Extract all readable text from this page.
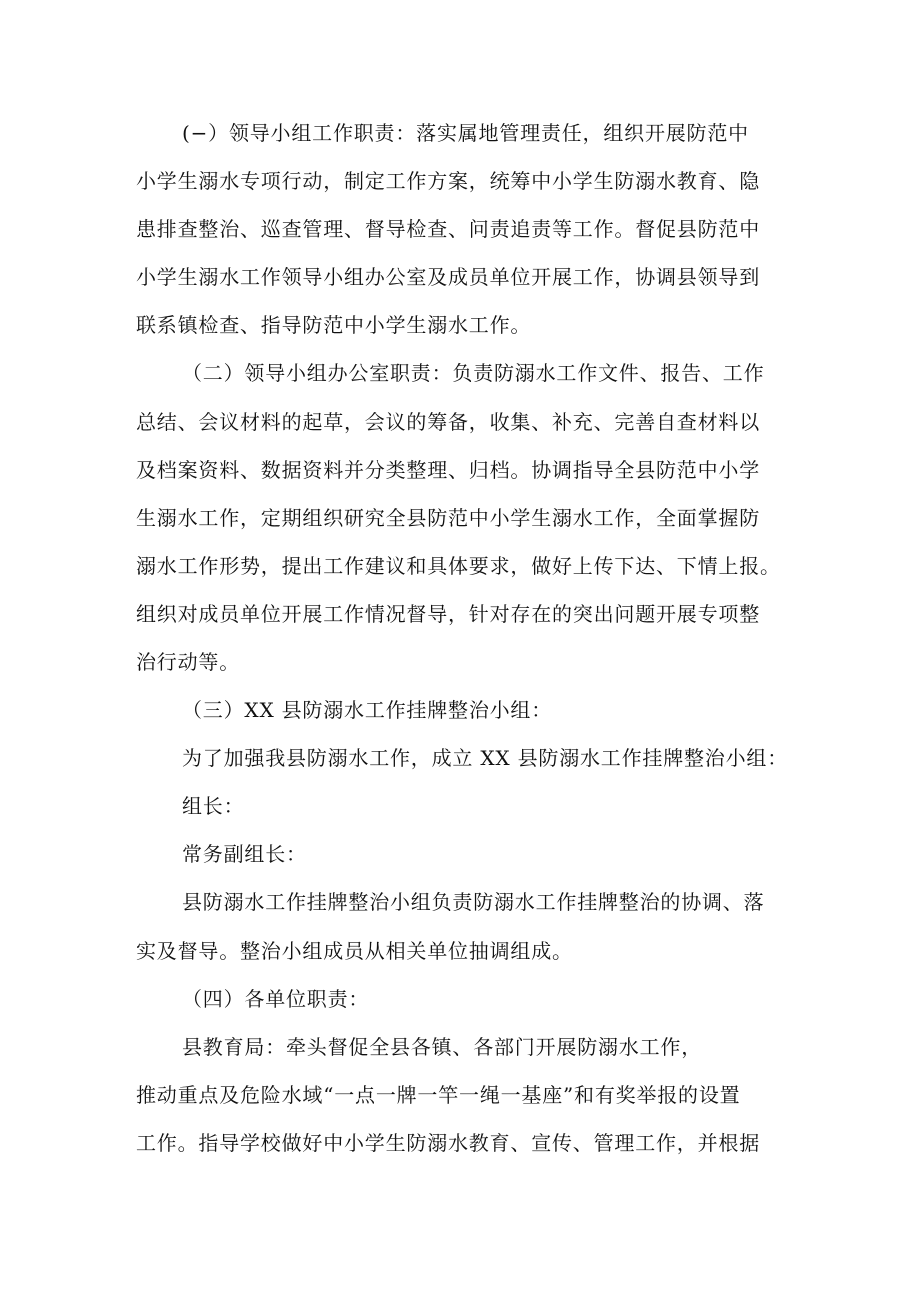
(−）领导小组工作职责：落实属地管理责任，组织开展防范中
小学生溺水专项行动，制定工作方案，统筹中小学生防溺水教育、隐
患排查整治、巡查管理、督导检查、问责追责等工作。督促县防范中
小学生溺水工作领导小组办公室及成员单位开展工作，协调县领导到
联系镇检查、指导防范中小学生溺水工作。
（二）领导小组办公室职责：负责防溺水工作文件、报告、工作
总结、会议材料的起草，会议的筹备，收集、补充、完善自查材料以
及档案资料、数据资料并分类整理、归档。协调指导全县防范中小学
生溺水工作，定期组织研究全县防范中小学生溺水工作，全面掌握防
溺水工作形势，提出工作建议和具体要求，做好上传下达、下情上报。
组织对成员单位开展工作情况督导，针对存在的突出问题开展专项整
治行动等。
（三）XX 县防溺水工作挂牌整治小组：
为了加强我县防溺水工作，成立 XX 县防溺水工作挂牌整治小组：
组长：
常务副组长：
县防溺水工作挂牌整治小组负责防溺水工作挂牌整治的协调、落
实及督导。整治小组成员从相关单位抽调组成。
（四）各单位职责：
县教育局：牵头督促全县各镇、各部门开展防溺水工作，
推动重点及危险水域“一点一牌一竿一绳一基座”和有奖举报的设置
工作。指导学校做好中小学生防溺水教育、宣传、管理工作，并根据
